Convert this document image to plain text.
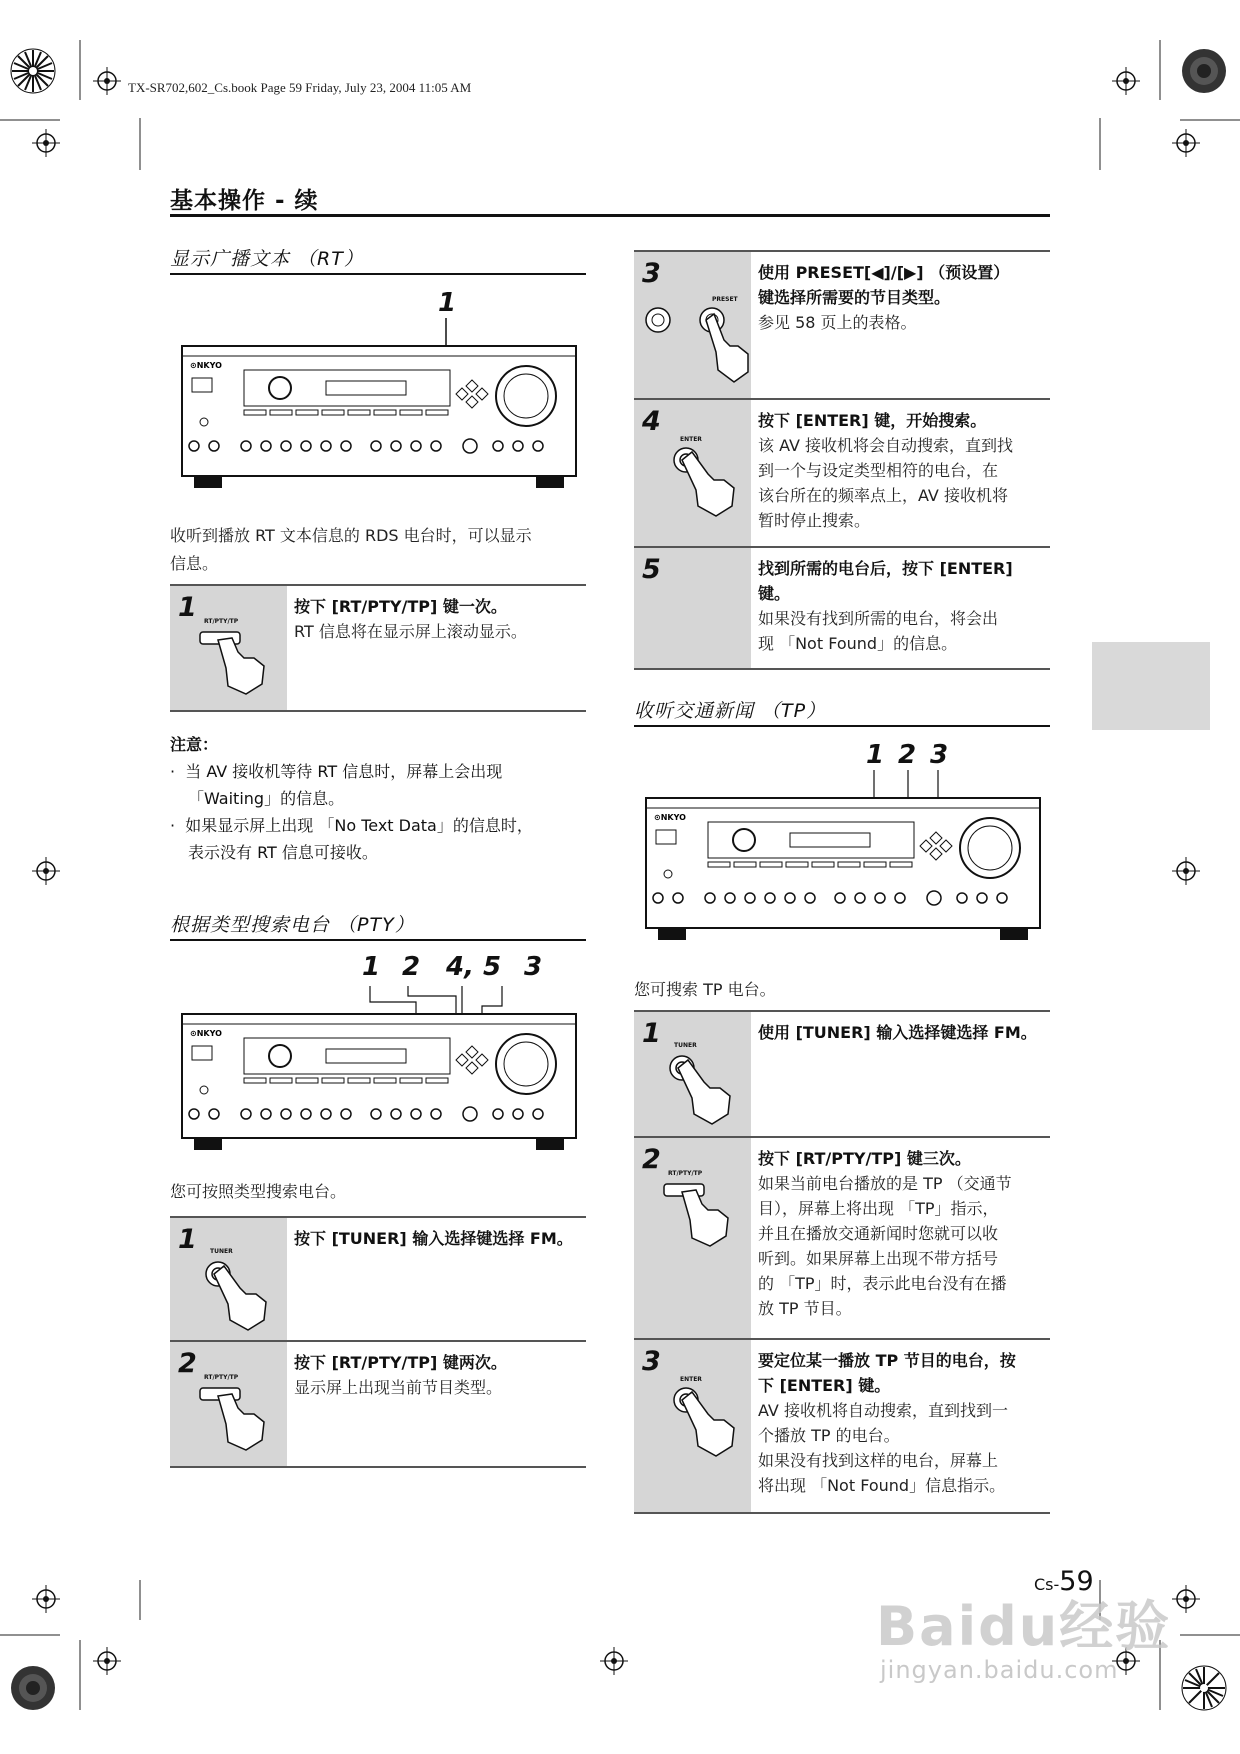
TX-SR702,602_Cs.book Page 59 Friday, July 23, 2004 11:05 AM
基本操作 - 续
显示广播文本 （RT）
1
⊙NKYO
收听到播放 RT 文本信息的 RDS 电台时，可以显示
信息。
1 RT/PTY/TP
按下 [RT/PTY/TP] 键一次。
RT 信息将在显示屏上滚动显示。
注意：
·  当 AV 接收机等待 RT 信息时，屏幕上会出现
「Waiting」的信息。
·  如果显示屏上出现 「No Text Data」的信息时，
表示没有 RT 信息可接收。
根据类型搜索电台 （PTY）
1 2 4, 5 3
⊙NKYO
您可按照类型搜索电台。
1 TUNER
按下 [TUNER] 输入选择键选择 FM。
2 RT/PTY/TP
按下 [RT/PTY/TP] 键两次。
显示屏上出现当前节目类型。
3
PRESET
使用 PRESET[◀]/[▶] （预设置）
键选择所需要的节目类型。
参见 58 页上的表格。
4
ENTER
按下 [ENTER] 键，开始搜索。
该 AV 接收机将会自动搜索，直到找
到一个与设定类型相符的电台，在
该台所在的频率点上，AV 接收机将
暂时停止搜索。
5	找到所需的电台后，按下 [ENTER]
键。
如果没有找到所需的电台，将会出
现 「Not Found」的信息。
收听交通新闻 （TP）
1 2 3
⊙NKYO
您可搜索 TP 电台。
1 TUNER
使用 [TUNER] 输入选择键选择 FM。
2 RT/PTY/TP
按下 [RT/PTY/TP] 键三次。
如果当前电台播放的是 TP （交通节
目），屏幕上将出现 「TP」指示，
并且在播放交通新闻时您就可以收
听到。如果屏幕上出现不带方括号
的 「TP」时，表示此电台没有在播
放 TP 节目。
3
ENTER
要定位某一播放 TP 节目的电台，按
下 [ENTER] 键。
AV 接收机将自动搜索，直到找到一
个播放 TP 的电台。
如果没有找到这样的电台，屏幕上
将出现 「Not Found」信息指示。
Cs-59
Baidu经验
jingyan.baidu.com
